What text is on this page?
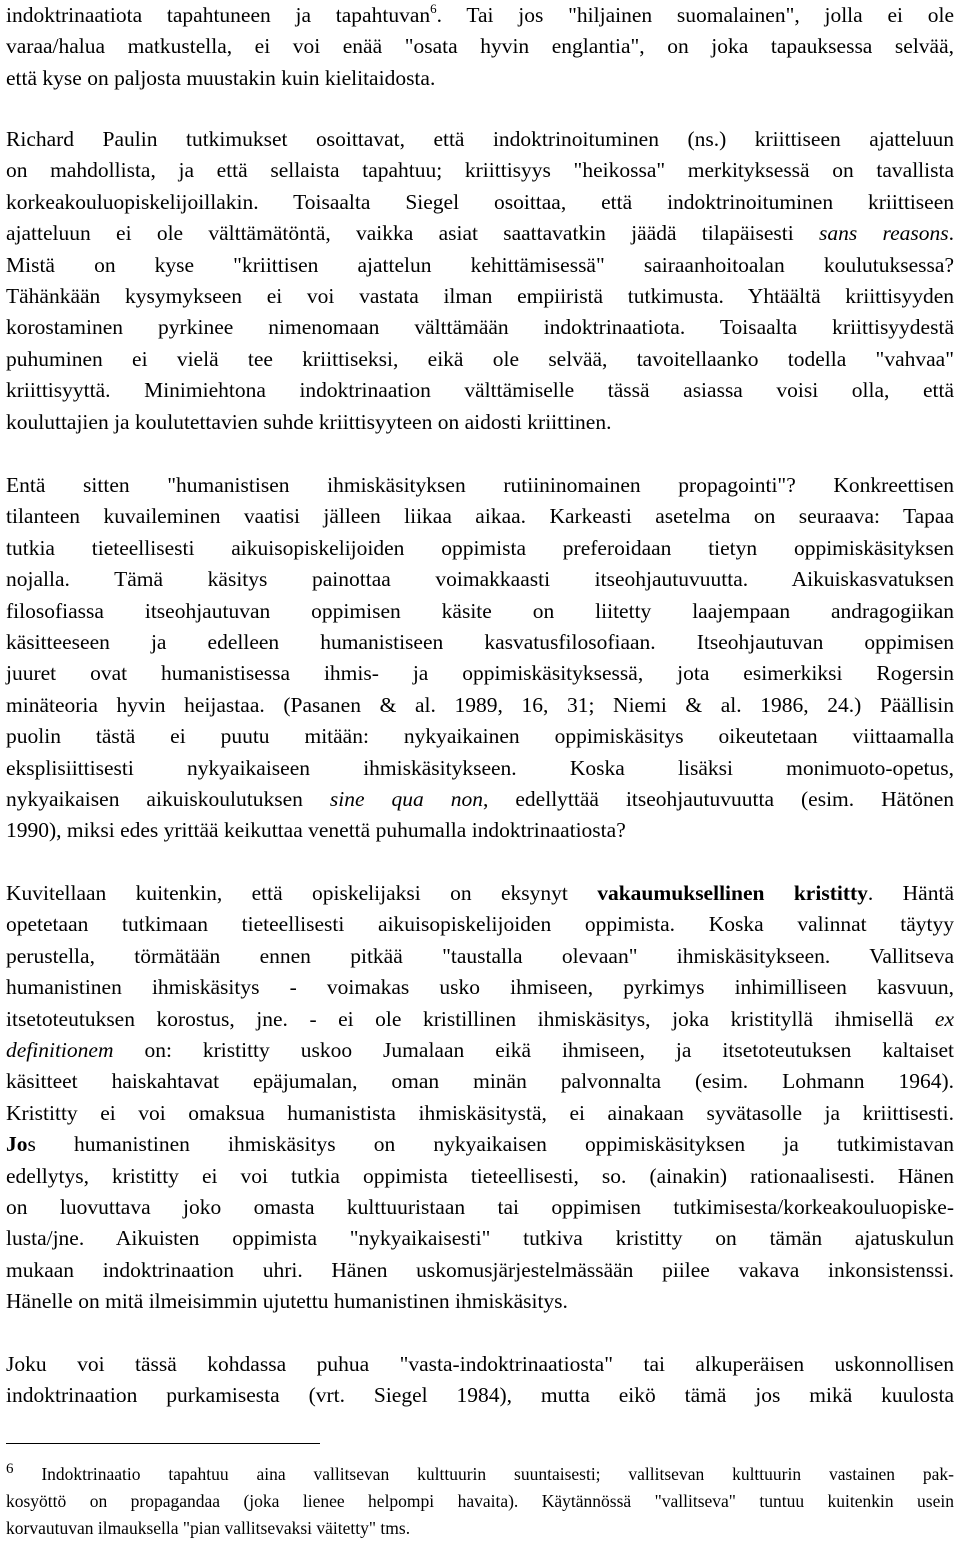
indoktrinaatiota tapahtuneen ja tapahtuvan$^6$. Tai jos "hiljainen suomalainen", jolla ei ole
varaa/halua matkustella, ei voi enää "osata hyvin englantia", on joka tapauksessa selvää,
että kyse on paljosta muustakin kuin kielitaidosta.
Richard Paulin tutkimukset osoittavat, että indoktrinoituminen (ns.) kriittiseen ajatteluun
on mahdollista, ja että sellaista tapahtuu; kriittisyys "heikossa" merkityksessä on tavallista
korkeakouluopiskelijoillakin. Toisaalta Siegel osoittaa, että indoktrinoituminen kriittiseen
ajatteluun ei ole välttämätöntä, vaikka asiat saattavatkin jäädä tilapäisesti sans reasons.
Mistä on kyse "kriittisen ajattelun kehittämisessä" sairaanhoitoalan koulutuksessa?
Tähänkään kysymykseen ei voi vastata ilman empiiristä tutkimusta. Yhtäältä kriittisyyden
korostaminen pyrkinee nimenomaan välttämään indoktrinaatiota. Toisaalta kriittisyydestä
puhuminen ei vielä tee kriittiseksi, eikä ole selvää, tavoitellaanko todella "vahvaa"
kriittisyyttä. Minimiehtona indoktrinaation välttämiselle tässä asiassa voisi olla, että
kouluttajien ja koulutettavien suhde kriittisyyteen on aidosti kriittinen.
Entä sitten "humanistisen ihmiskäsityksen rutiininomainen propagointi"? Konkreettisen
tilanteen kuvaileminen vaatisi jälleen liikaa aikaa. Karkeasti asetelma on seuraava: Tapaa
tutkia tieteellisesti aikuisopiskelijoiden oppimista preferoidaan tietyn oppimiskäsityksen
nojalla. Tämä käsitys painottaa voimakkaasti itseohjautuvuutta. Aikuiskasvatuksen
filosofiassa itseohjautuvan oppimisen käsite on liitetty laajempaan andragogiikan
käsitteeseen ja edelleen humanistiseen kasvatusfilosofiaan. Itseohjautuvan oppimisen
juuret ovat humanistisessa ihmis- ja oppimiskäsityksessä, jota esimerkiksi Rogersin
minäteoria hyvin heijastaa. (Pasanen & al. 1989, 16, 31; Niemi & al. 1986, 24.) Päällisin
puolin tästä ei puutu mitään: nykyaikainen oppimiskäsitys oikeutetaan viittaamalla
eksplisiittisesti nykyaikaiseen ihmiskäsitykseen. Koska lisäksi monimuoto-opetus,
nykyaikaisen aikuiskoulutuksen sine qua non, edellyttää itseohjautuvuutta (esim. Hätönen
1990), miksi edes yrittää keikuttaa venettä puhumalla indoktrinaatiosta?
Kuvitellaan kuitenkin, että opiskelijaksi on eksynyt vakaumuksellinen kristitty. Häntä
opetetaan tutkimaan tieteellisesti aikuisopiskelijoiden oppimista. Koska valinnat täytyy
perustella, törmätään ennen pitkää "taustalla olevaan" ihmiskäsitykseen. Vallitseva
humanistinen ihmiskäsitys - voimakas usko ihmiseen, pyrkimys inhimilliseen kasvuun,
itsetoteutuksen korostus, jne. - ei ole kristillinen ihmiskäsitys, joka kristityllä ihmisellä ex
definitionem on: kristitty uskoo Jumalaan eikä ihmiseen, ja itsetoteutuksen kaltaiset
käsitteet haiskahtavat epäjumalan, oman minän palvonnalta (esim. Lohmann 1964).
Kristitty ei voi omaksua humanistista ihmiskäsitystä, ei ainakaan syvätasolle ja kriittisesti.
Jos humanistinen ihmiskäsitys on nykyaikaisen oppimiskäsityksen ja tutkimistavan
edellytys, kristitty ei voi tutkia oppimista tieteellisesti, so. (ainakin) rationaalisesti. Hänen
on luovuttava joko omasta kulttuuristaan tai oppimisen tutkimisesta/korkeakouluopiske-
lusta/jne. Aikuisten oppimista "nykyaikaisesti" tutkiva kristitty on tämän ajatuskulun
mukaan indoktrinaation uhri. Hänen uskomusjärjestelmässään piilee vakava inkonsistenssi.
Hänelle on mitä ilmeisimmin ujutettu humanistinen ihmiskäsitys.
Joku voi tässä kohdassa puhua "vasta-indoktrinaatiosta" tai alkuperäisen uskonnollisen
indoktrinaation purkamisesta (vrt. Siegel 1984), mutta eikö tämä jos mikä kuulosta
$^6$ Indoktrinaatio tapahtuu aina vallitsevan kulttuurin suuntaisesti; vallitsevan kulttuurin vastainen pak-
kosyöttö on propagandaa (joka lienee helpompi havaita). Käytännössä "vallitseva" tuntuu kuitenkin usein
korvautuvan ilmauksella "pian vallitsevaksi väitetty" tms.
